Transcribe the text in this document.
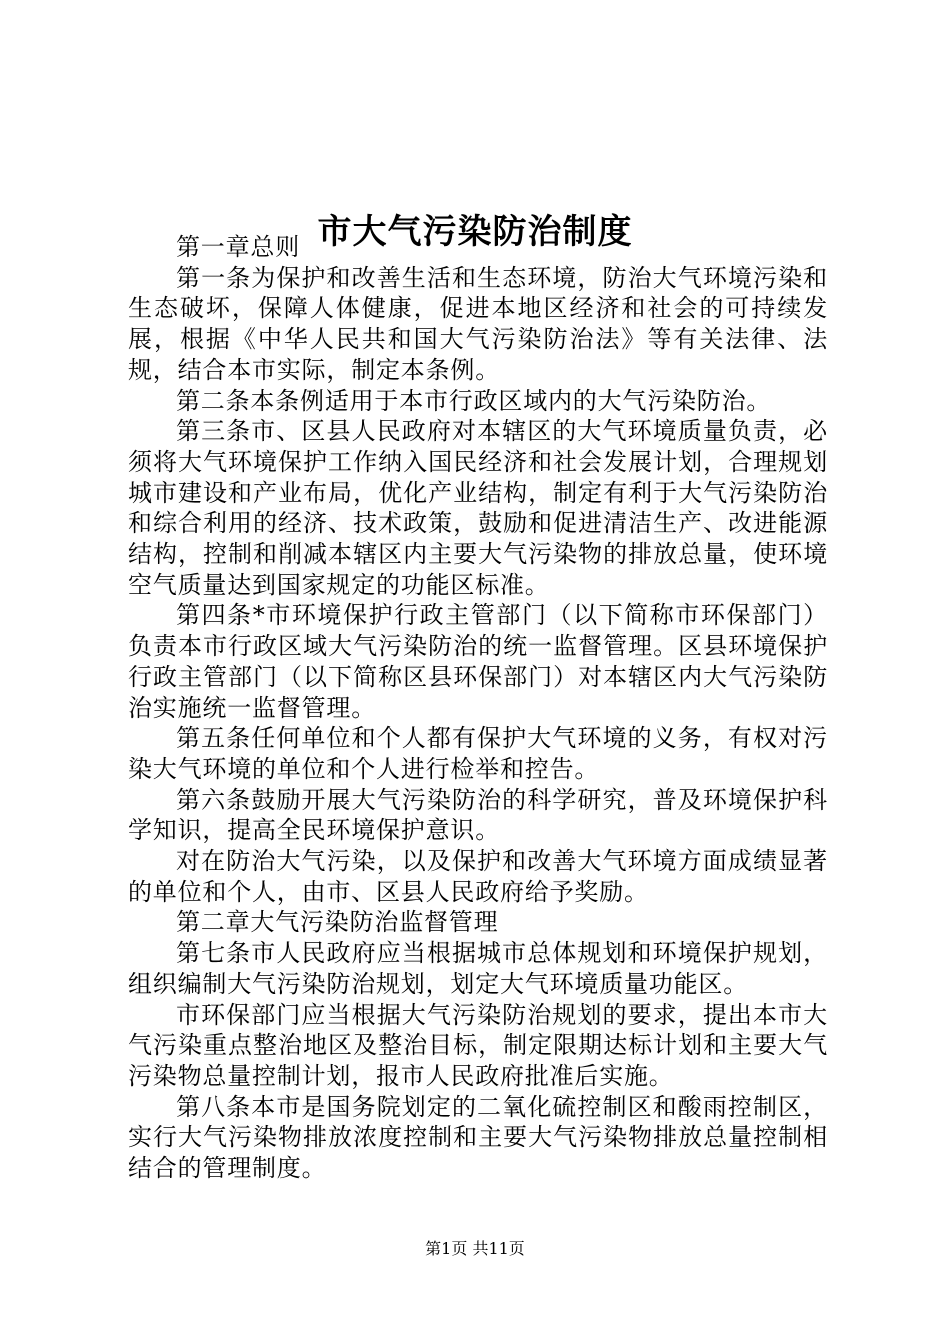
市大气污染防治制度

第一章总则

第一条为保护和改善生活和生态环境，防治大气环境污染和生态破坏，保障人体健康，促进本地区经济和社会的可持续发展，根据《中华人民共和国大气污染防治法》等有关法律、法规，结合本市实际，制定本条例。

第二条本条例适用于本市行政区域内的大气污染防治。

第三条市、区县人民政府对本辖区的大气环境质量负责，必须将大气环境保护工作纳入国民经济和社会发展计划，合理规划城市建设和产业布局，优化产业结构，制定有利于大气污染防治和综合利用的经济、技术政策，鼓励和促进清洁生产、改进能源结构，控制和削减本辖区内主要大气污染物的排放总量，使环境空气质量达到国家规定的功能区标准。

第四条*市环境保护行政主管部门（以下简称市环保部门）负责本市行政区域大气污染防治的统一监督管理。区县环境保护行政主管部门（以下简称区县环保部门）对本辖区内大气污染防治实施统一监督管理。

第五条任何单位和个人都有保护大气环境的义务，有权对污染大气环境的单位和个人进行检举和控告。

第六条鼓励开展大气污染防治的科学研究，普及环境保护科学知识，提高全民环境保护意识。

对在防治大气污染，以及保护和改善大气环境方面成绩显著的单位和个人，由市、区县人民政府给予奖励。

第二章大气污染防治监督管理

第七条市人民政府应当根据城市总体规划和环境保护规划，组织编制大气污染防治规划，划定大气环境质量功能区。

市环保部门应当根据大气污染防治规划的要求，提出本市大气污染重点整治地区及整治目标，制定限期达标计划和主要大气污染物总量控制计划，报市人民政府批准后实施。

第八条本市是国务院划定的二氧化硫控制区和酸雨控制区，实行大气污染物排放浓度控制和主要大气污染物排放总量控制相结合的管理制度。

第1页 共11页
